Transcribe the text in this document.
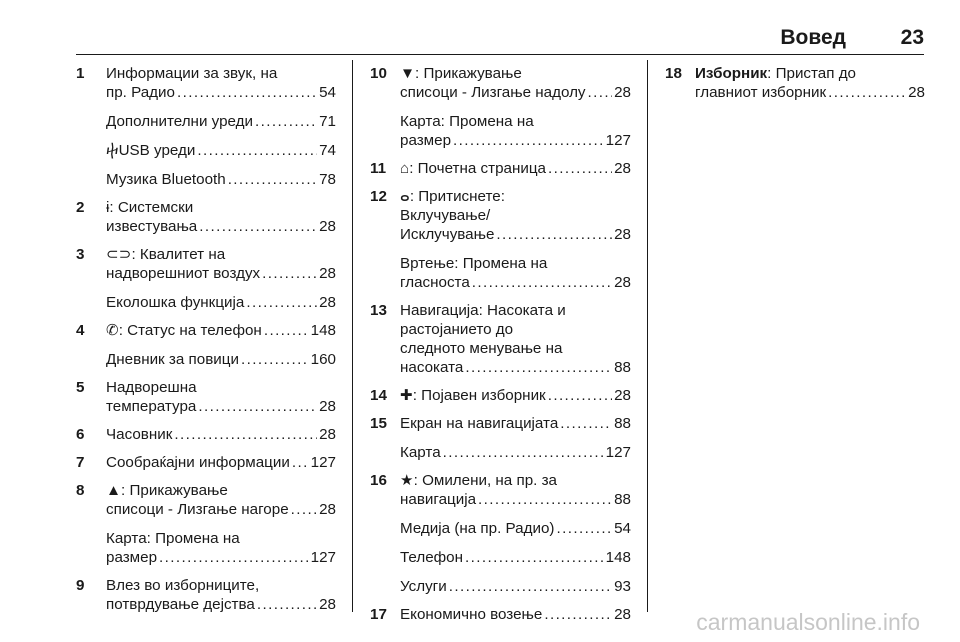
Вовед	23
1 Информации за звук, на
пр. Радио .....	54
Дополнителни уреди .....	71
ⴕ USB уреди .....	74
Музика Bluetooth .....	78
2 ɨ: Системски
известувања .....	28
3 ⊂⊃: Квалитет на
надворешниот воздух .....	28
Еколошка функција .....	28
4 ✆ : Статус на телефон .....	148
Дневник за повици .....	160
5 Надворешна
температура .....	28
6 Часовник .....	28
7 Сообраќајни информации ..... 127
8 ▲: Прикажување
списоци - Лизгање нагоре ..... 28
Карта: Промена на
размер .....	127
9 Влез во изборниците,
потврдување дејства .....	28
10 ▼: Прикажување
списоци - Лизгање надолу ..... 28
Карта: Промена на
размер .....	127
11 ⌂ : Почетна страница .....	28
12 ⴰ: Притиснете:
Вклучување/
Исклучување .....	28
Вртење: Промена на
гласноста .....	28
13 Навигација: Насоката и
растојанието до
следното менување на
насоката .....	88
14 ✚ : Појавен изборник .....	28
15 Екран на навигацијата .....	88
Карта .....	127
16 ★: Омилени, на пр. за
навигација .....	88
Медија (на пр. Радио) .....	54
Телефон .....	148
Услуги .....	93
17 Економично возење .....	28
18 Изборник: Пристап до
главниот изборник .....	28
carmanualsonline.info
